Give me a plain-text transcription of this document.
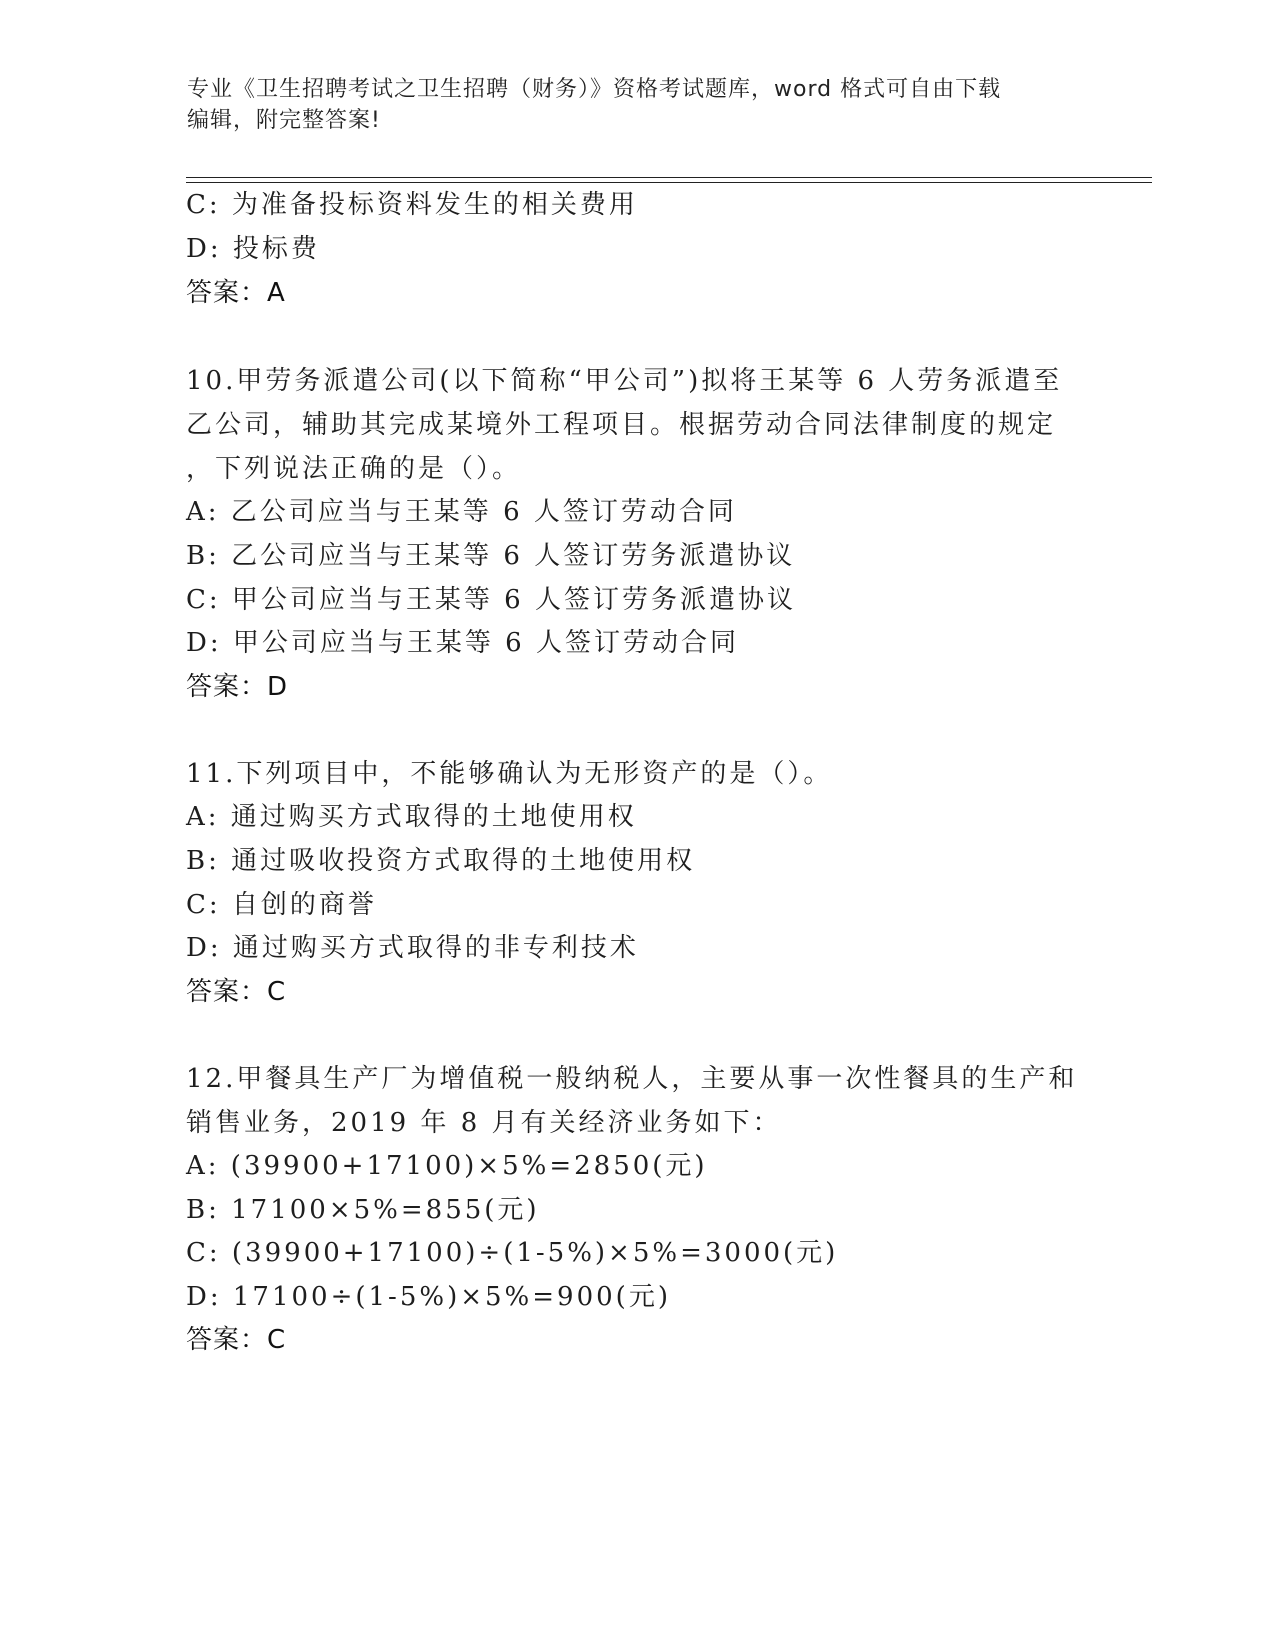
专业《卫生招聘考试之卫生招聘（财务）》资格考试题库，word 格式可自由下载
编辑，附完整答案!
C: 为准备投标资料发生的相关费用
D: 投标费
答案：A
10.甲劳务派遣公司(以下简称“甲公司”)拟将王某等 6 人劳务派遣至
乙公司，辅助其完成某境外工程项目。根据劳动合同法律制度的规定
，下列说法正确的是（）。
A: 乙公司应当与王某等 6 人签订劳动合同
B: 乙公司应当与王某等 6 人签订劳务派遣协议
C: 甲公司应当与王某等 6 人签订劳务派遣协议
D: 甲公司应当与王某等 6 人签订劳动合同
答案：D
11.下列项目中，不能够确认为无形资产的是（）。
A: 通过购买方式取得的土地使用权
B: 通过吸收投资方式取得的土地使用权
C: 自创的商誉
D: 通过购买方式取得的非专利技术
答案：C
12.甲餐具生产厂为增值税一般纳税人，主要从事一次性餐具的生产和
销售业务，2019 年 8 月有关经济业务如下：
A: (39900+17100)×5%=2850(元)
B: 17100×5%=855(元)
C: (39900+17100)÷(1-5%)×5%=3000(元)
D: 17100÷(1-5%)×5%=900(元)
答案：C
